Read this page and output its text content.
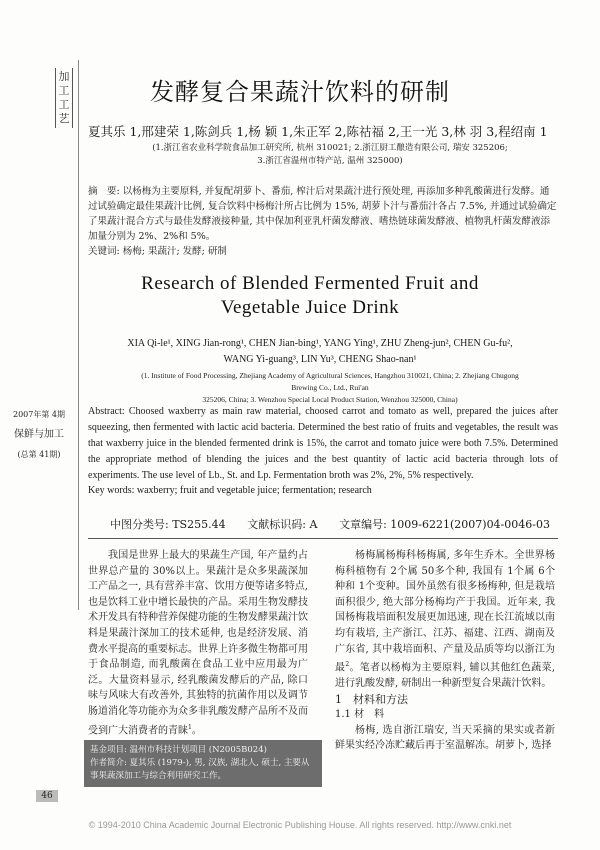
加
工
工
艺
发酵复合果蔬汁饮料的研制
夏其乐 1,邢建荣 1,陈剑兵 1,杨 颖 1,朱正军 2,陈祜福 2,王一光 3,林 羽 3,程绍南 1
(1.浙江省农业科学院食品加工研究所, 杭州 310021; 2.浙江厨工酿造有限公司, 瑞安 325206;
3.浙江省温州市特产站, 温州 325000)
摘　要: 以杨梅为主要原料, 并复配胡萝卜、番茄, 榨汁后对果蔬汁进行预处理, 再添加多种乳酸菌进行发酵。通过试验确定最佳果蔬汁比例, 复合饮料中杨梅汁所占比例为 15%, 胡萝卜汁与番茄汁各占 7.5%, 并通过试验确定了果蔬汁混合方式与最佳发酵液接种量, 其中保加利亚乳杆菌发酵液、嗜热链球菌发酵液、植物乳杆菌发酵液添加量分别为 2%、2%和 5%。
关键词: 杨梅; 果蔬汁; 发酵; 研制
Research of Blended Fermented Fruit and Vegetable Juice Drink
XIA Qi-le¹, XING Jian-rong¹, CHEN Jian-bing¹, YANG Ying¹, ZHU Zheng-jun², CHEN Gu-fu²,
WANG Yi-guang³, LIN Yu³, CHENG Shao-nan¹
(1. Institute of Food Processing, Zhejiang Academy of Agricultural Sciences, Hangzhou 310021, China; 2. Zhejiang Chugong Brewing Co., Ltd., Rui'an
325206, China; 3. Wenzhou Special Local Product Station, Wenzhou 325000, China)
2007年第 4期
保鲜与加工
(总第 41期)
Abstract: Choosed waxberry as main raw material, choosed carrot and tomato as well, prepared the juices after squeezing, then fermented with lactic acid bacteria. Determined the best ratio of fruits and vegetables, the result was that waxberry juice in the blended fermented drink is 15%, the carrot and tomato juice were both 7.5%. Determined the appropriate method of blending the juices and the best quantity of lactic acid bacteria through lots of experiments. The use level of Lb., St. and Lp. Fermentation broth was 2%, 2%, 5% respectively.
Key words: waxberry; fruit and vegetable juice; fermentation; research
中图分类号: TS255.44 文献标识码: A 文章编号: 1009-6221(2007)04-0046-03

我国是世界上最大的果蔬生产国, 年产量约占世界总产量的 30%以上。果蔬汁是众多果蔬深加工产品之一, 具有营养丰富、饮用方便等诸多特点, 也是饮料工业中增长最快的产品。采用生物发酵技术开发具有特种营养保健功能的生物发酵果蔬汁饮料是果蔬汁深加工的技术延伸, 也是经济发展、消费水平提高的重要标志。世界上许多微生物都可用于食品制造, 而乳酸菌在食品工业中应用最为广泛。大量资料显示, 经乳酸菌发酵后的产品, 除口味与风味大有改善外, 其独特的抗菌作用以及调节肠道消化等功能亦为众多非乳酸发酵产品所不及而受到广大消费者的青睐$^1$。

基金项目: 温州市科技计划项目 (N2005B024)
作者简介: 夏其乐 (1979-), 男, 汉族, 湖北人, 硕士, 主要从事果蔬深加工与综合利用研究工作。

杨梅属杨梅科杨梅属, 多年生乔木。全世界杨梅科植物有 2个属 50多个种, 我国有 1个属 6个种和 1个变种。国外虽然有很多杨梅种, 但是栽培面积很少, 绝大部分杨梅均产于我国。近年来, 我国杨梅栽培面积发展更加迅速, 现在长江流域以南均有栽培, 主产浙江、江苏、福建、江西、湖南及广东省, 其中栽培面积、产量及品质等均以浙江为最$^2$。笔者以杨梅为主要原料, 辅以其他红色蔬菜, 进行乳酸发酵, 研制出一种新型复合果蔬汁饮料。

1　材料和方法

1.1 材　料

杨梅, 选自浙江瑞安, 当天采摘的果实或者新鲜果实经冷冻贮藏后再于室温解冻。胡萝卜, 选择

46
© 1994-2010 China Academic Journal Electronic Publishing House. All rights reserved. http://www.cnki.net
